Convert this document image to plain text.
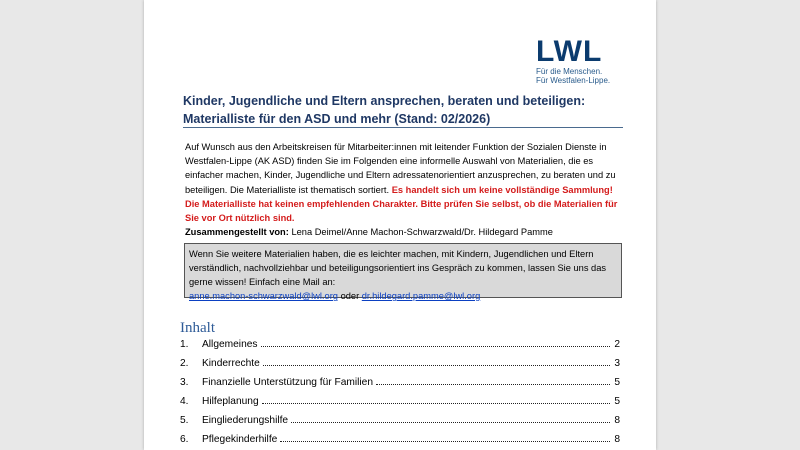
LWL
Für die Menschen.
Für Westfalen-Lippe.
Kinder, Jugendliche und Eltern ansprechen, beraten und beteiligen:
Materialliste für den ASD und mehr (Stand: 02/2026)
Auf Wunsch aus den Arbeitskreisen für Mitarbeiter:innen mit leitender Funktion der Sozialen Dienste in Westfalen-Lippe (AK ASD) finden Sie im Folgenden eine informelle Auswahl von Materialien, die es einfacher machen, Kinder, Jugendliche und Eltern adressatenorientiert anzusprechen, zu beraten und zu beteiligen. Die Materialliste ist thematisch sortiert. Es handelt sich um keine vollständige Sammlung! Die Materialliste hat keinen empfehlenden Charakter. Bitte prüfen Sie selbst, ob die Materialien für Sie vor Ort nützlich sind.
Zusammengestellt von: Lena Deimel/Anne Machon-Schwarzwald/Dr. Hildegard Pamme
Wenn Sie weitere Materialien haben, die es leichter machen, mit Kindern, Jugendlichen und Eltern verständlich, nachvollziehbar und beteiligungsorientiert ins Gespräch zu kommen, lassen Sie uns das gerne wissen! Einfach eine Mail an:
anne.machon-schwarzwald@lwl.org oder dr.hildegard.pamme@lwl.org
Inhalt
1.	Allgemeines	2
2.	Kinderrechte	3
3.	Finanzielle Unterstützung für Familien	5
4.	Hilfeplanung	5
5.	Eingliederungshilfe	8
6.	Pflegekinderhilfe	8
